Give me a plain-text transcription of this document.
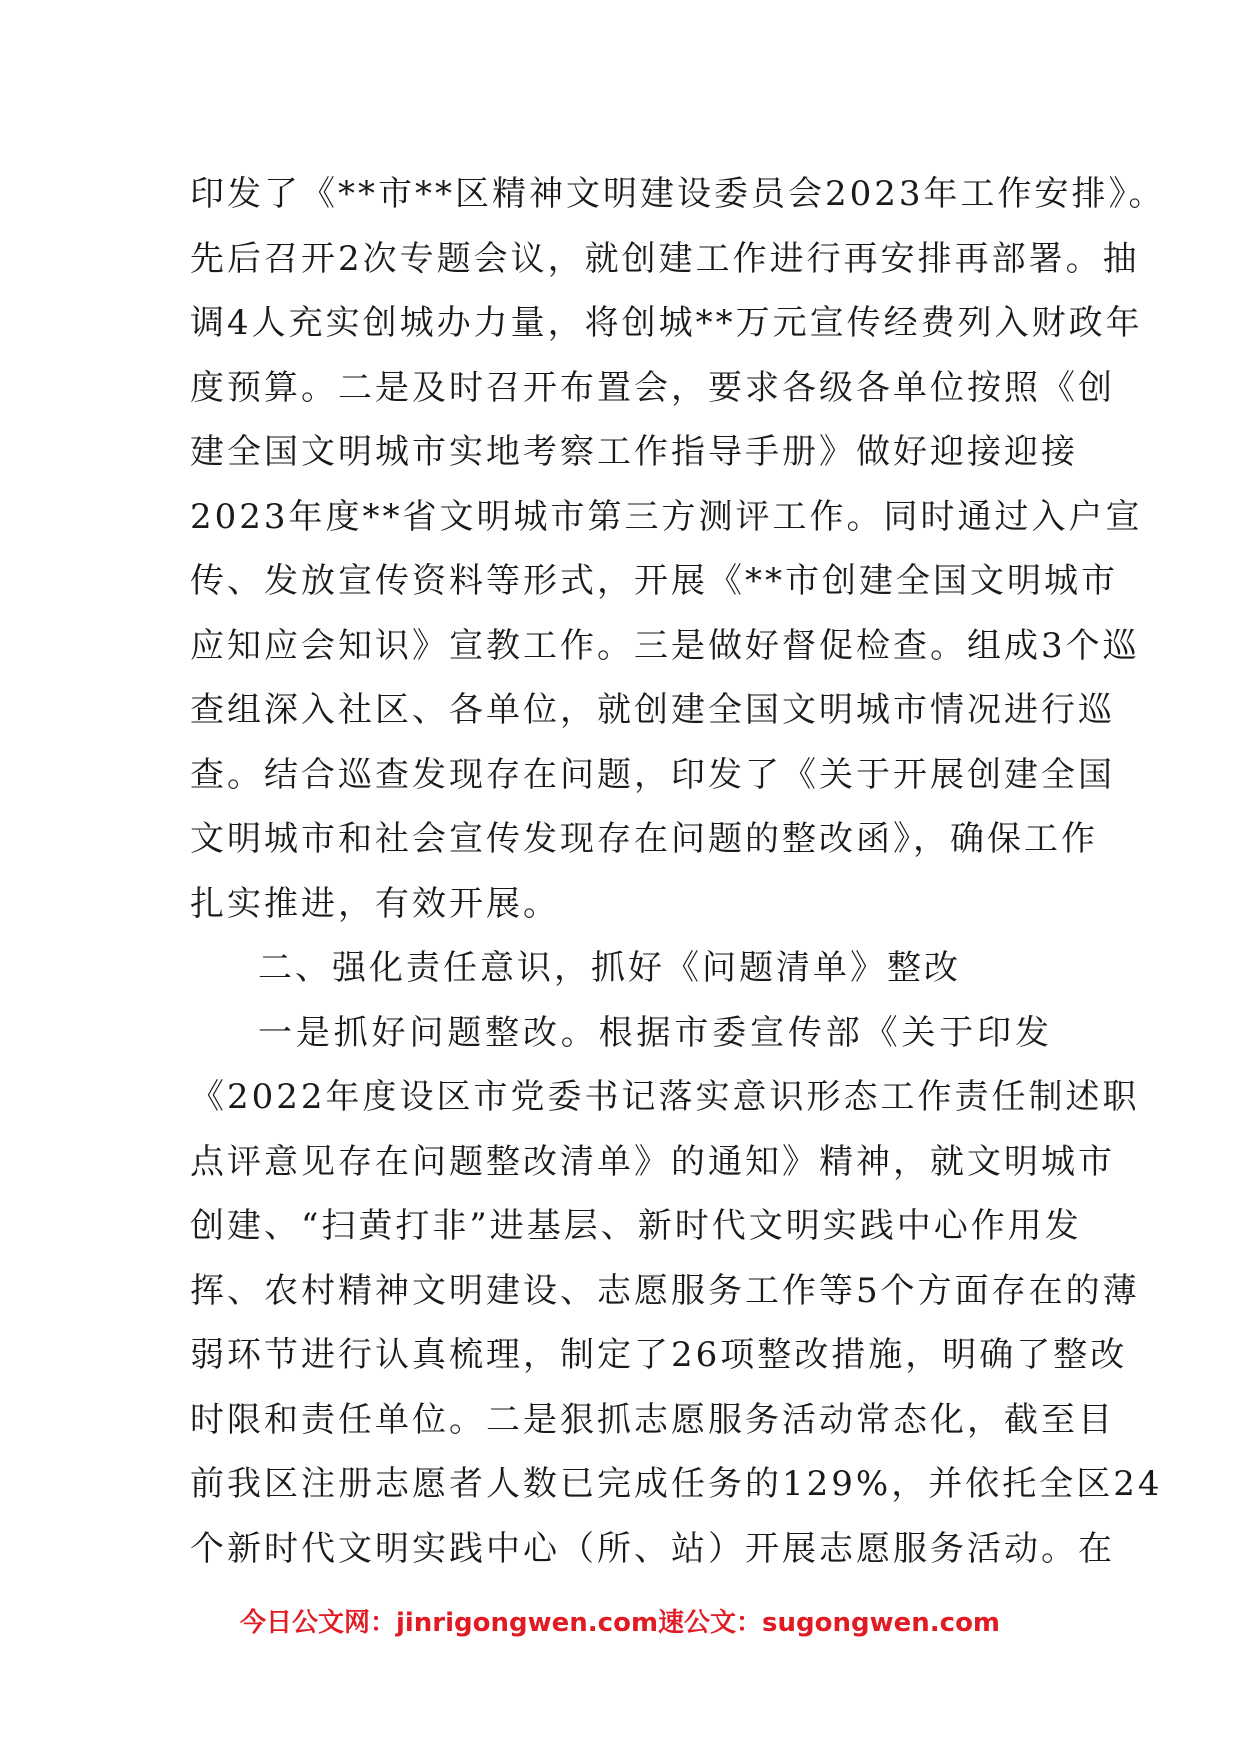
印发了《**市**区精神文明建设委员会2023年工作安排》。
先后召开2次专题会议，就创建工作进行再安排再部署。抽
调4人充实创城办力量，将创城**万元宣传经费列入财政年
度预算。二是及时召开布置会，要求各级各单位按照《创
建全国文明城市实地考察工作指导手册》做好迎接迎接
2023年度**省文明城市第三方测评工作。同时通过入户宣
传、发放宣传资料等形式，开展《**市创建全国文明城市
应知应会知识》宣教工作。三是做好督促检查。组成3个巡
查组深入社区、各单位，就创建全国文明城市情况进行巡
查。结合巡查发现存在问题，印发了《关于开展创建全国
文明城市和社会宣传发现存在问题的整改函》，确保工作
扎实推进，有效开展。
二、强化责任意识，抓好《问题清单》整改
一是抓好问题整改。根据市委宣传部《关于印发
《2022年度设区市党委书记落实意识形态工作责任制述职
点评意见存在问题整改清单》的通知》精神，就文明城市
创建、“扫黄打非”进基层、新时代文明实践中心作用发
挥、农村精神文明建设、志愿服务工作等5个方面存在的薄
弱环节进行认真梳理，制定了26项整改措施，明确了整改
时限和责任单位。二是狠抓志愿服务活动常态化，截至目
前我区注册志愿者人数已完成任务的129%，并依托全区24
个新时代文明实践中心（所、站）开展志愿服务活动。在
今日公文网：jinrigongwen.com速公文：sugongwen.com
